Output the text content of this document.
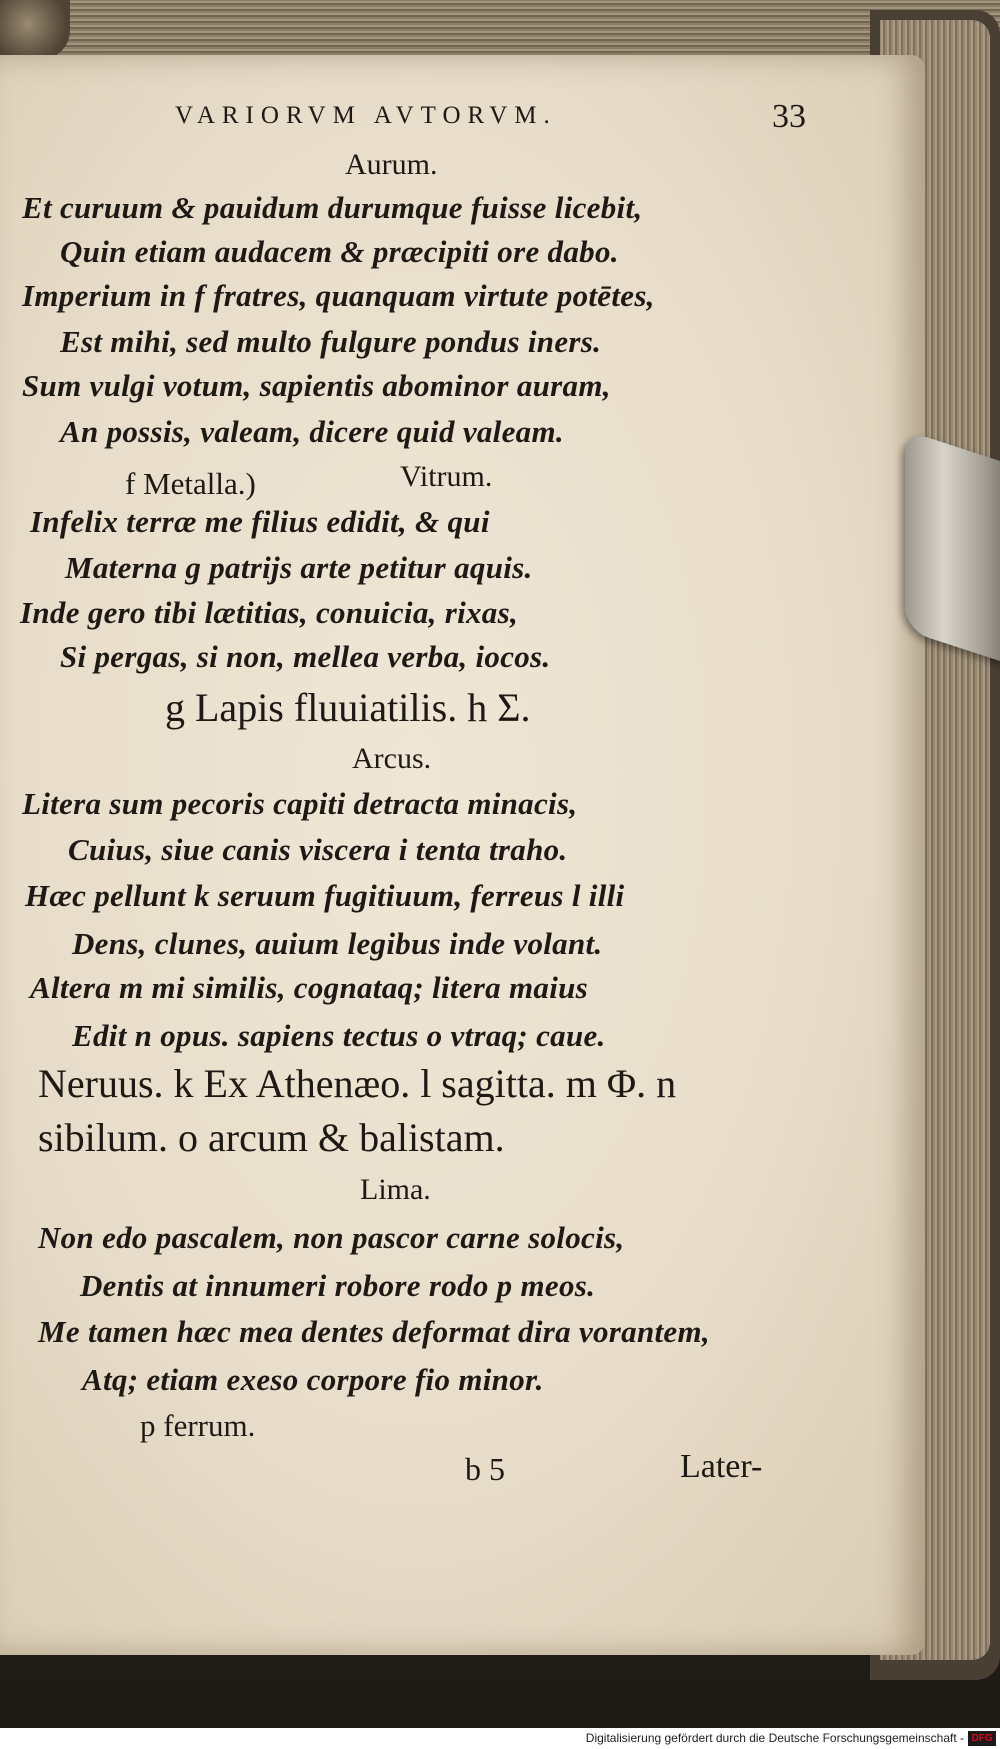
VARIORVM AVTORVM.	33
Aurum.
Et curuum & pauidum durumque fuisse licebit,
Quin etiam audacem & præcipiti ore dabo.
Imperium in f fratres, quanquam virtute potētes,
Est mihi, sed multo fulgure pondus iners.
Sum vulgi votum, sapientis abominor auram,
An possis, valeam, dicere quid valeam.
f Metalla.)	Vitrum.
Infelix terræ me filius edidit, & qui
Materna g patrijs arte petitur aquis.
Inde gero tibi lætitias, conuicia, rixas,
Si pergas, si non, mellea verba, iocos.
g Lapis fluuiatilis. h Σ.
Arcus.
Litera sum pecoris capiti detracta minacis,
Cuius, siue canis viscera i tenta traho.
Hæc pellunt k seruum fugitiuum, ferreus l illi
Dens, clunes, auium legibus inde volant.
Altera m mi similis, cognataq; litera maius
Edit n opus. sapiens tectus o vtraq; caue.
Neruus. k Ex Athenæo. l sagitta. m Φ. n
sibilum. o arcum & balistam.
Lima.
Non edo pascalem, non pascor carne solocis,
Dentis at innumeri robore rodo p meos.
Me tamen hæc mea dentes deformat dira vorantem,
Atq; etiam exeso corpore fio minor.
p ferrum.
b 5	Later-
Digitalisierung gefördert durch die Deutsche Forschungsgemeinschaft - DFG
